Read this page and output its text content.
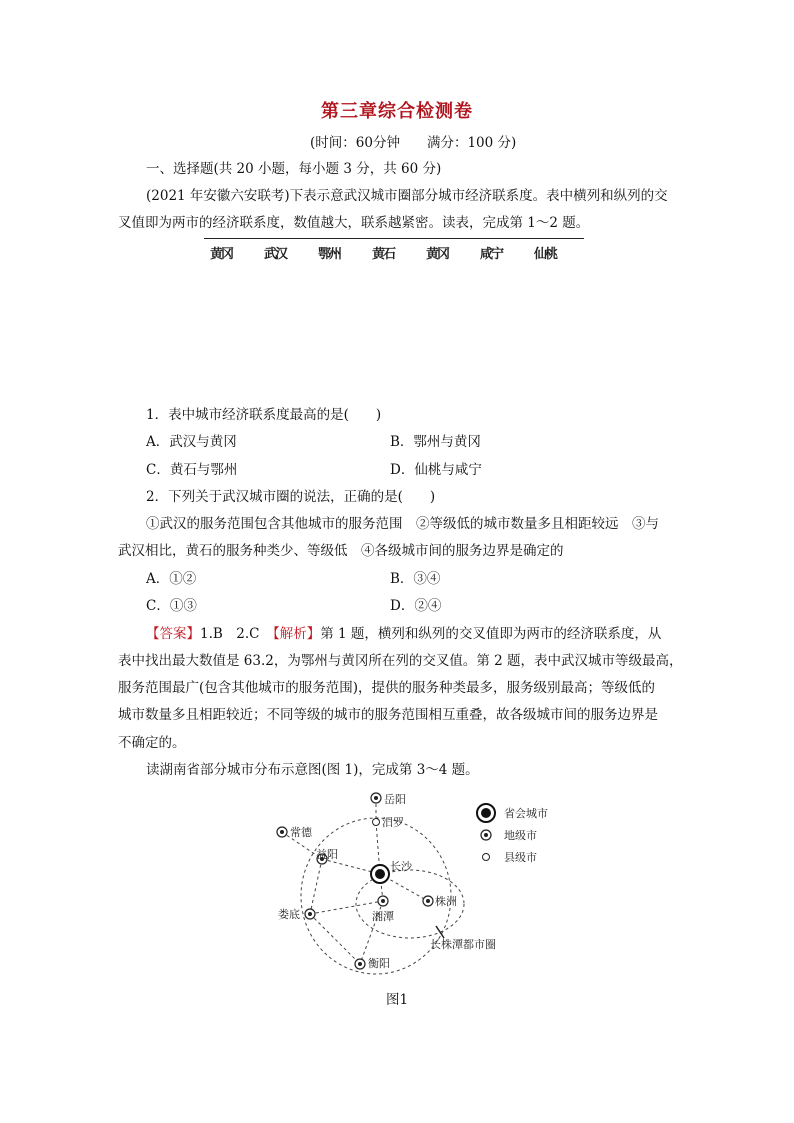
第三章综合检测卷
(时间：60分钟　　满分：100 分)
一、选择题(共 20 小题，每小题 3 分，共 60 分)
(2021 年安徽六安联考)下表示意武汉城市圈部分城市经济联系度。表中横列和纵列的交
叉值即为两市的经济联系度，数值越大，联系越紧密。读表，完成第 1～2 题。
黄冈 武汉 鄂州 黄石 黄冈 咸宁 仙桃
1．表中城市经济联系度最高的是(　　)
A．武汉与黄冈	B．鄂州与黄冈
C．黄石与鄂州	D．仙桃与咸宁
2．下列关于武汉城市圈的说法，正确的是(　　)
①武汉的服务范围包含其他城市的服务范围　②等级低的城市数量多且相距较远　③与
武汉相比，黄石的服务种类少、等级低　④各级城市间的服务边界是确定的
A．①②	B．③④
C．①③	D．②④
【答案】1.B　2.C　【解析】第 1 题，横列和纵列的交叉值即为两市的经济联系度，从
表中找出最大数值是 63.2，为鄂州与黄冈所在列的交叉值。第 2 题，表中武汉城市等级最高，
服务范围最广(包含其他城市的服务范围)，提供的服务种类最多，服务级别最高；等级低的
城市数量多且相距较近；不同等级的城市的服务范围相互重叠，故各级城市间的服务边界是
不确定的。
读湖南省部分城市分布示意图(图 1)，完成第 3～4 题。
岳阳
汨罗
常德
益阳
长沙
株洲
湘潭
娄底
衡阳
长株潭都市圈
省会城市
地级市
县级市
图1
